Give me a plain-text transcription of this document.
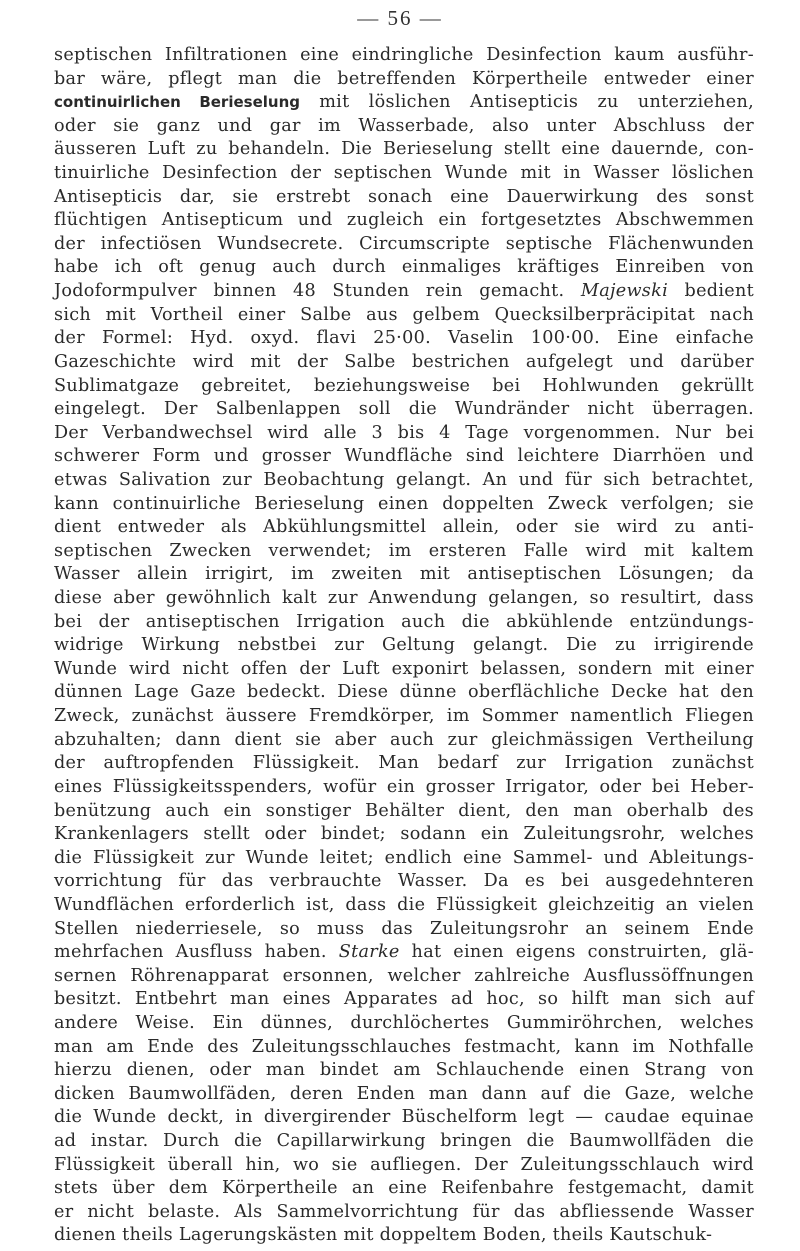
— 56 —
septischen Infiltrationen eine eindringliche Desinfection kaum ausführ-
bar wäre, pflegt man die betreffenden Körpertheile entweder einer
continuirlichen Berieselung mit löslichen Antisepticis zu unterziehen,
oder sie ganz und gar im Wasserbade, also unter Abschluss der
äusseren Luft zu behandeln. Die Berieselung stellt eine dauernde, con-
tinuirliche Desinfection der septischen Wunde mit in Wasser löslichen
Antisepticis dar, sie erstrebt sonach eine Dauerwirkung des sonst
flüchtigen Antisepticum und zugleich ein fortgesetztes Abschwemmen
der infectiösen Wundsecrete. Circumscripte septische Flächenwunden
habe ich oft genug auch durch einmaliges kräftiges Einreiben von
Jodoformpulver binnen 48 Stunden rein gemacht. Majewski bedient
sich mit Vortheil einer Salbe aus gelbem Quecksilberpräcipitat nach
der Formel: Hyd. oxyd. flavi 25·00. Vaselin 100·00. Eine einfache
Gazeschichte wird mit der Salbe bestrichen aufgelegt und darüber
Sublimatgaze gebreitet, beziehungsweise bei Hohlwunden gekrüllt
eingelegt. Der Salbenlappen soll die Wundränder nicht überragen.
Der Verbandwechsel wird alle 3 bis 4 Tage vorgenommen. Nur bei
schwerer Form und grosser Wundfläche sind leichtere Diarrhöen und
etwas Salivation zur Beobachtung gelangt. An und für sich betrachtet,
kann continuirliche Berieselung einen doppelten Zweck verfolgen; sie
dient entweder als Abkühlungsmittel allein, oder sie wird zu anti-
septischen Zwecken verwendet; im ersteren Falle wird mit kaltem
Wasser allein irrigirt, im zweiten mit antiseptischen Lösungen; da
diese aber gewöhnlich kalt zur Anwendung gelangen, so resultirt, dass
bei der antiseptischen Irrigation auch die abkühlende entzündungs-
widrige Wirkung nebstbei zur Geltung gelangt. Die zu irrigirende
Wunde wird nicht offen der Luft exponirt belassen, sondern mit einer
dünnen Lage Gaze bedeckt. Diese dünne oberflächliche Decke hat den
Zweck, zunächst äussere Fremdkörper, im Sommer namentlich Fliegen
abzuhalten; dann dient sie aber auch zur gleichmässigen Vertheilung
der auftropfenden Flüssigkeit. Man bedarf zur Irrigation zunächst
eines Flüssigkeitsspenders, wofür ein grosser Irrigator, oder bei Heber-
benützung auch ein sonstiger Behälter dient, den man oberhalb des
Krankenlagers stellt oder bindet; sodann ein Zuleitungsrohr, welches
die Flüssigkeit zur Wunde leitet; endlich eine Sammel- und Ableitungs-
vorrichtung für das verbrauchte Wasser. Da es bei ausgedehnteren
Wundflächen erforderlich ist, dass die Flüssigkeit gleichzeitig an vielen
Stellen niederriesele, so muss das Zuleitungsrohr an seinem Ende
mehrfachen Ausfluss haben. Starke hat einen eigens construirten, glä-
sernen Röhrenapparat ersonnen, welcher zahlreiche Ausflussöffnungen
besitzt. Entbehrt man eines Apparates ad hoc, so hilft man sich auf
andere Weise. Ein dünnes, durchlöchertes Gummiröhrchen, welches
man am Ende des Zuleitungsschlauches festmacht, kann im Nothfalle
hierzu dienen, oder man bindet am Schlauchende einen Strang von
dicken Baumwollfäden, deren Enden man dann auf die Gaze, welche
die Wunde deckt, in divergirender Büschelform legt — caudae equinae
ad instar. Durch die Capillarwirkung bringen die Baumwollfäden die
Flüssigkeit überall hin, wo sie aufliegen. Der Zuleitungsschlauch wird
stets über dem Körpertheile an eine Reifenbahre festgemacht, damit
er nicht belaste. Als Sammelvorrichtung für das abfliessende Wasser
dienen theils Lagerungskästen mit doppeltem Boden, theils Kautschuk-
